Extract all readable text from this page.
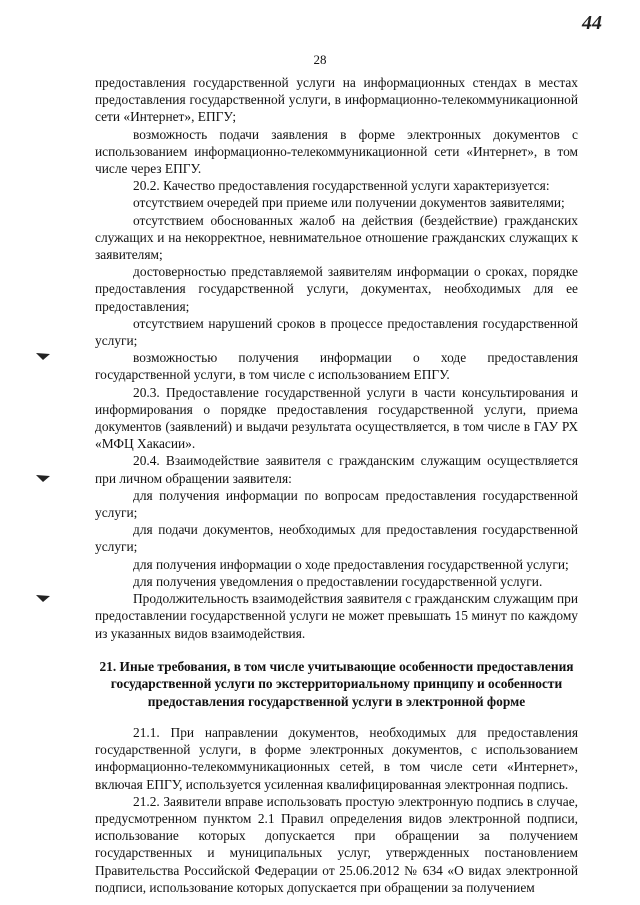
28
44

предоставления государственной услуги на информационных стендах в местах предоставления государственной услуги, в информационно-телекоммуникационной сети «Интернет», ЕПГУ;

возможность подачи заявления в форме электронных документов с использованием информационно-телекоммуникационной сети «Интернет», в том числе через ЕПГУ.

20.2. Качество предоставления государственной услуги характеризуется:

отсутствием очередей при приеме или получении документов заявителями;

отсутствием обоснованных жалоб на действия (бездействие) гражданских служащих и на некорректное, невнимательное отношение гражданских служащих к заявителям;

достоверностью представляемой заявителям информации о сроках, порядке предоставления государственной услуги, документах, необходимых для ее предоставления;

отсутствием нарушений сроков в процессе предоставления государственной услуги;

возможностью получения информации о ходе предоставления государственной услуги, в том числе с использованием ЕПГУ.

20.3. Предоставление государственной услуги в части консультирования и информирования о порядке предоставления государственной услуги, приема документов (заявлений) и выдачи результата осуществляется, в том числе в ГАУ РХ «МФЦ Хакасии».

20.4. Взаимодействие заявителя с гражданским служащим осуществляется при личном обращении заявителя:

для получения информации по вопросам предоставления государственной услуги;

для подачи документов, необходимых для предоставления государственной услуги;

для получения информации о ходе предоставления государственной услуги;

для получения уведомления о предоставлении государственной услуги.

Продолжительность взаимодействия заявителя с гражданским служащим при предоставлении государственной услуги не может превышать 15 минут по каждому из указанных видов взаимодействия.

21. Иные требования, в том числе учитывающие особенности предоставления государственной услуги по экстерриториальному принципу и особенности предоставления государственной услуги в электронной форме

21.1. При направлении документов, необходимых для предоставления государственной услуги, в форме электронных документов, с использованием информационно-телекоммуникационных сетей, в том числе сети «Интернет», включая ЕПГУ, используется усиленная квалифицированная электронная подпись.

21.2. Заявители вправе использовать простую электронную подпись в случае, предусмотренном пунктом 2.1 Правил определения видов электронной подписи, использование которых допускается при обращении за получением государственных и муниципальных услуг, утвержденных постановлением Правительства Российской Федерации от 25.06.2012 № 634 «О видах электронной подписи, использование которых допускается при обращении за получением
